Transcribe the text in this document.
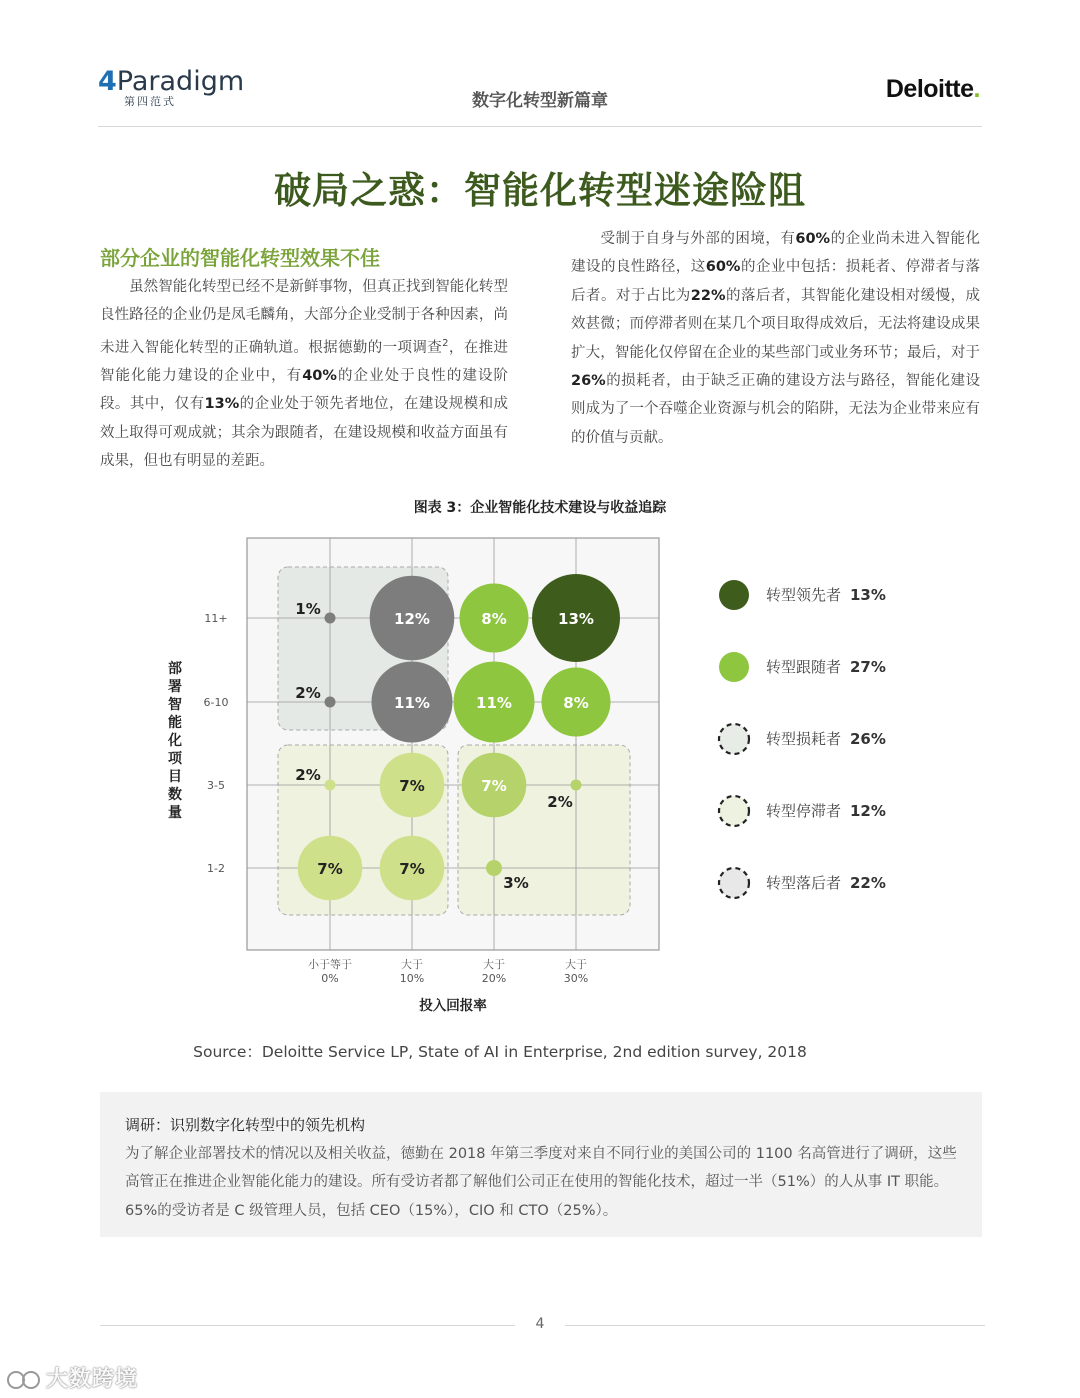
4Paradigm
第四范式	数字化转型新篇章	Deloitte.
破局之惑：智能化转型迷途险阻
部分企业的智能化转型效果不佳
  虽然智能化转型已经不是新鲜事物，但真正找到智能化转型良性路径的企业仍是凤毛麟角，大部分企业受制于各种因素，尚未进入智能化转型的正确轨道。根据德勤的一项调查$^2$，在推进智能化能力建设的企业中，有40%的企业处于良性的建设阶段。其中，仅有13%的企业处于领先者地位，在建设规模和成效上取得可观成就；其余为跟随者，在建设规模和收益方面虽有成果，但也有明显的差距。
  受制于自身与外部的困境，有60%的企业尚未进入智能化建设的良性路径，这60%的企业中包括：损耗者、停滞者与落后者。对于占比为22%的落后者，其智能化建设相对缓慢，成效甚微；而停滞者则在某几个项目取得成效后，无法将建设成果扩大，智能化仅停留在企业的某些部门或业务环节；最后，对于26%的损耗者，由于缺乏正确的建设方法与路径，智能化建设则成为了一个吞噬企业资源与机会的陷阱，无法为企业带来应有的价值与贡献。
图表 3：企业智能化技术建设与收益追踪
1-2
3-5
6-10
11+
小于等于
0%
大于
10%
大于
20%
大于
30%
投入回报率
部
署
智
能
化
项
目
数
量
1%
12%	8%	13%
2%
11%	11%	8%
2%
7%	7%
2%
7%	7%
3%
转型领先者 13%
转型跟随者 27%
转型损耗者 26%
转型停滞者 12%
转型落后者 22%
Source：Deloitte Service LP, State of AI in Enterprise, 2nd edition survey, 2018
调研：识别数字化转型中的领先机构
为了解企业部署技术的情况以及相关收益，德勤在 2018 年第三季度对来自不同行业的美国公司的 1100 名高管进行了调研，这些高管正在推进企业智能化能力的建设。所有受访者都了解他们公司正在使用的智能化技术，超过一半（51%）的人从事 IT 职能。65%的受访者是 C 级管理人员，包括 CEO（15%），CIO 和 CTO（25%）。
4
大数跨境
